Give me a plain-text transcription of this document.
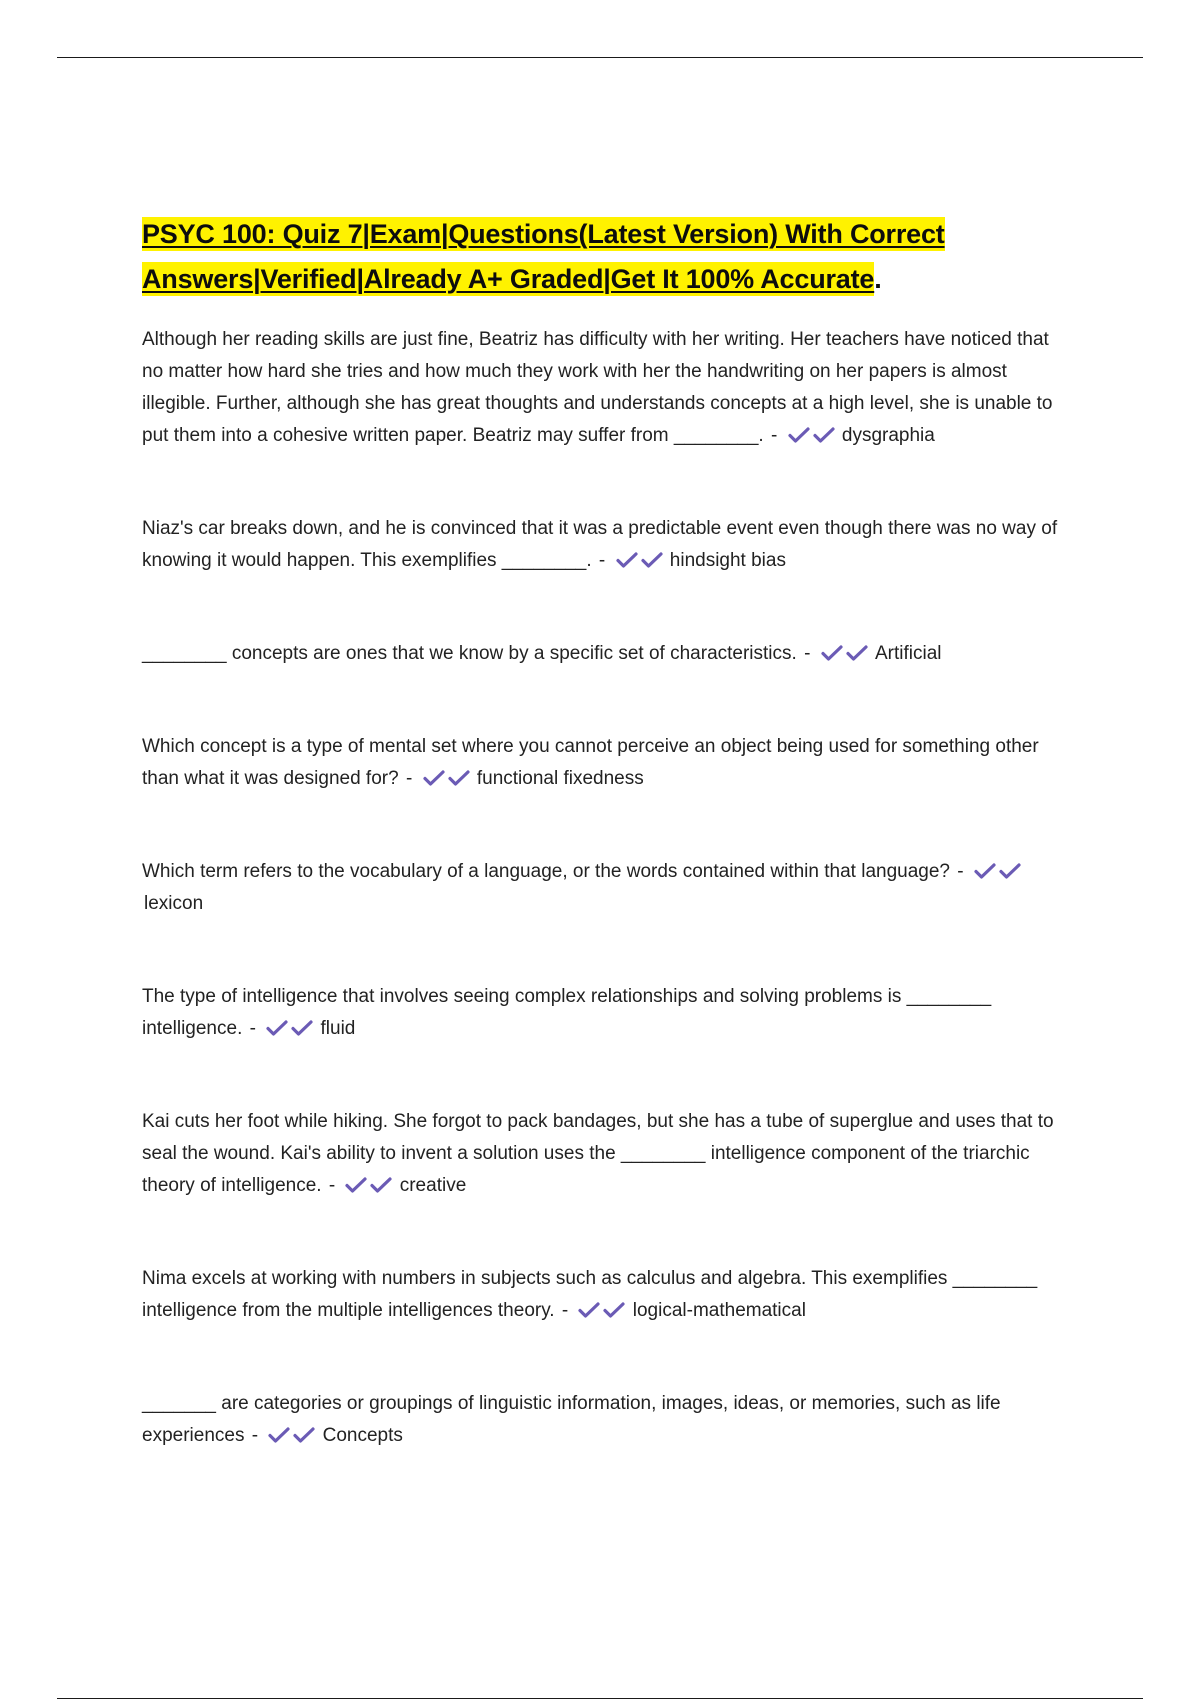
PSYC 100: Quiz 7|Exam|Questions(Latest Version) With Correct
Answers|Verified|Already A+ Graded|Get It 100% Accurate.
Although her reading skills are just fine, Beatriz has difficulty with her writing. Her teachers have noticed that no matter how hard she tries and how much they work with her the handwriting on her papers is almost illegible. Further, although she has great thoughts and understands concepts at a high level, she is unable to put them into a cohesive written paper. Beatriz may suffer from ________. -	dysgraphia
Niaz's car breaks down, and he is convinced that it was a predictable event even though there was no way of knowing it would happen. This exemplifies ________. -	hindsight bias
________ concepts are ones that we know by a specific set of characteristics. -	Artificial
Which concept is a type of mental set where you cannot perceive an object being used for something other than what it was designed for? -	functional fixedness
Which term refers to the vocabulary of a language, or the words contained within that language? -
lexicon
The type of intelligence that involves seeing complex relationships and solving problems is ________ intelligence. -	fluid
Kai cuts her foot while hiking. She forgot to pack bandages, but she has a tube of superglue and uses that to seal the wound. Kai's ability to invent a solution uses the ________ intelligence component of the triarchic theory of intelligence. -	creative
Nima excels at working with numbers in subjects such as calculus and algebra. This exemplifies ________ intelligence from the multiple intelligences theory. -	logical-mathematical
_______ are categories or groupings of linguistic information, images, ideas, or memories, such as life experiences -	Concepts
